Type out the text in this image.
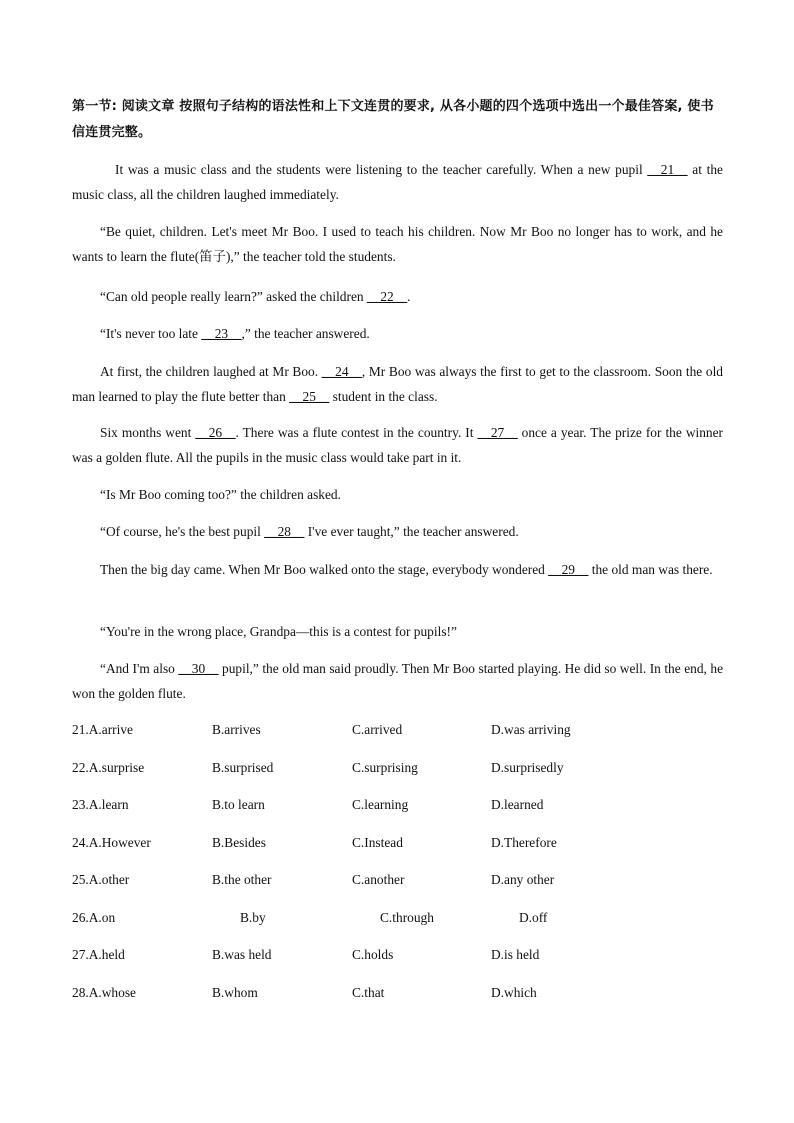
第一节: 阅读文章 按照句子结构的语法性和上下文连贯的要求, 从各小题的四个选项中选出一个最佳答案, 使书信连贯完整。
It was a music class and the students were listening to the teacher carefully. When a new pupil __21__ at the music class, all the children laughed immediately.
“Be quiet, children. Let's meet Mr Boo. I used to teach his children. Now Mr Boo no longer has to work, and he wants to learn the flute(笛子),” the teacher told the students.
“Can old people really learn?” asked the children __22__.
“It's never too late __23__,” the teacher answered.
At first, the children laughed at Mr Boo. __24__, Mr Boo was always the first to get to the classroom. Soon the old man learned to play the flute better than __25__ student in the class.
Six months went __26__. There was a flute contest in the country. It __27__ once a year. The prize for the winner was a golden flute. All the pupils in the music class would take part in it.
“Is Mr Boo coming too?” the children asked.
“Of course, he's the best pupil __28__ I've ever taught,” the teacher answered.
Then the big day came. When Mr Boo walked onto the stage, everybody wondered __29__ the old man was there.
“You're in the wrong place, Grandpa—this is a contest for pupils!”
“And I'm also __30__ pupil,” the old man said proudly. Then Mr Boo started playing. He did so well. In the end, he won the golden flute.
21.A.arrive	B.arrives	C.arrived	D.was arriving
22.A.surprise	B.surprised	C.surprising	D.surprisedly
23.A.learn	B.to learn	C.learning	D.learned
24.A.However	B.Besides	C.Instead	D.Therefore
25.A.other	B.the other	C.another	D.any other
26.A.on	B.by	C.through	D.off
27.A.held	B.was held	C.holds	D.is held
28.A.whose	B.whom	C.that	D.which
